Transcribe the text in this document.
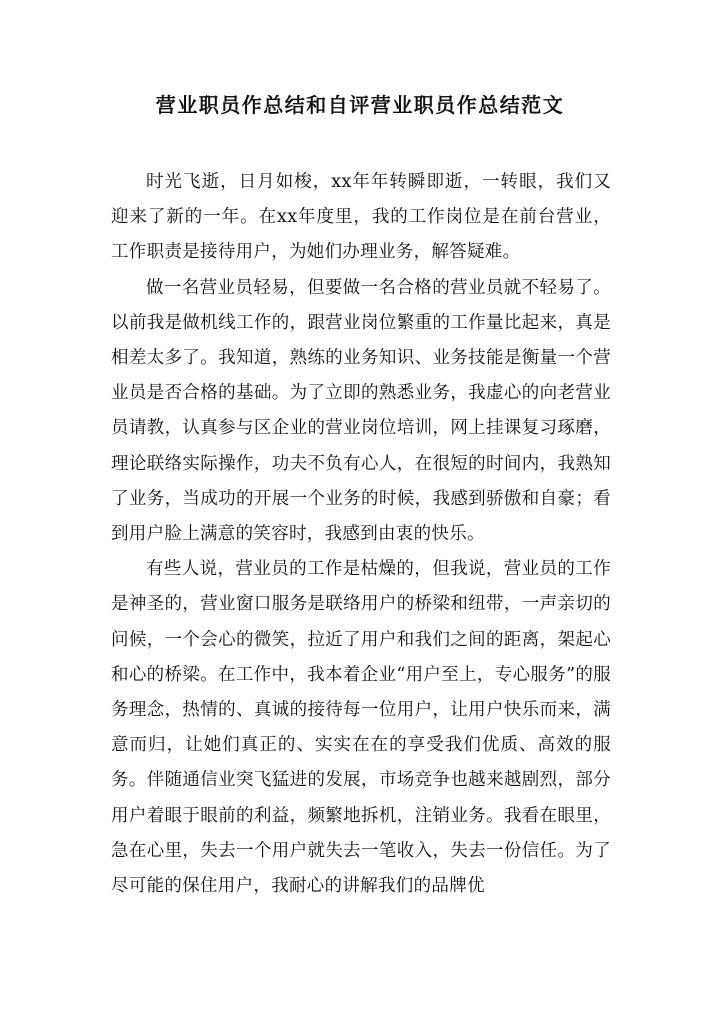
营业职员作总结和自评营业职员作总结范文

时光飞逝，日月如梭，xx年年转瞬即逝，一转眼，我们又迎来了新的一年。在xx年度里，我的工作岗位是在前台营业，工作职责是接待用户，为她们办理业务，解答疑难。

做一名营业员轻易，但要做一名合格的营业员就不轻易了。以前我是做机线工作的，跟营业岗位繁重的工作量比起来，真是相差太多了。我知道，熟练的业务知识、业务技能是衡量一个营业员是否合格的基础。为了立即的熟悉业务，我虚心的向老营业员请教，认真参与区企业的营业岗位培训，网上挂课复习琢磨，理论联络实际操作，功夫不负有心人，在很短的时间内，我熟知了业务，当成功的开展一个业务的时候，我感到骄傲和自豪；看到用户脸上满意的笑容时，我感到由衷的快乐。

有些人说，营业员的工作是枯燥的，但我说，营业员的工作是神圣的，营业窗口服务是联络用户的桥梁和纽带，一声亲切的问候，一个会心的微笑，拉近了用户和我们之间的距离，架起心和心的桥梁。在工作中，我本着企业“用户至上，专心服务”的服务理念，热情的、真诚的接待每一位用户，让用户快乐而来，满意而归，让她们真正的、实实在在的享受我们优质、高效的服务。伴随通信业突飞猛进的发展，市场竞争也越来越剧烈，部分用户着眼于眼前的利益，频繁地拆机，注销业务。我看在眼里，急在心里，失去一个用户就失去一笔收入，失去一份信任。为了尽可能的保住用户，我耐心的讲解我们的品牌优
